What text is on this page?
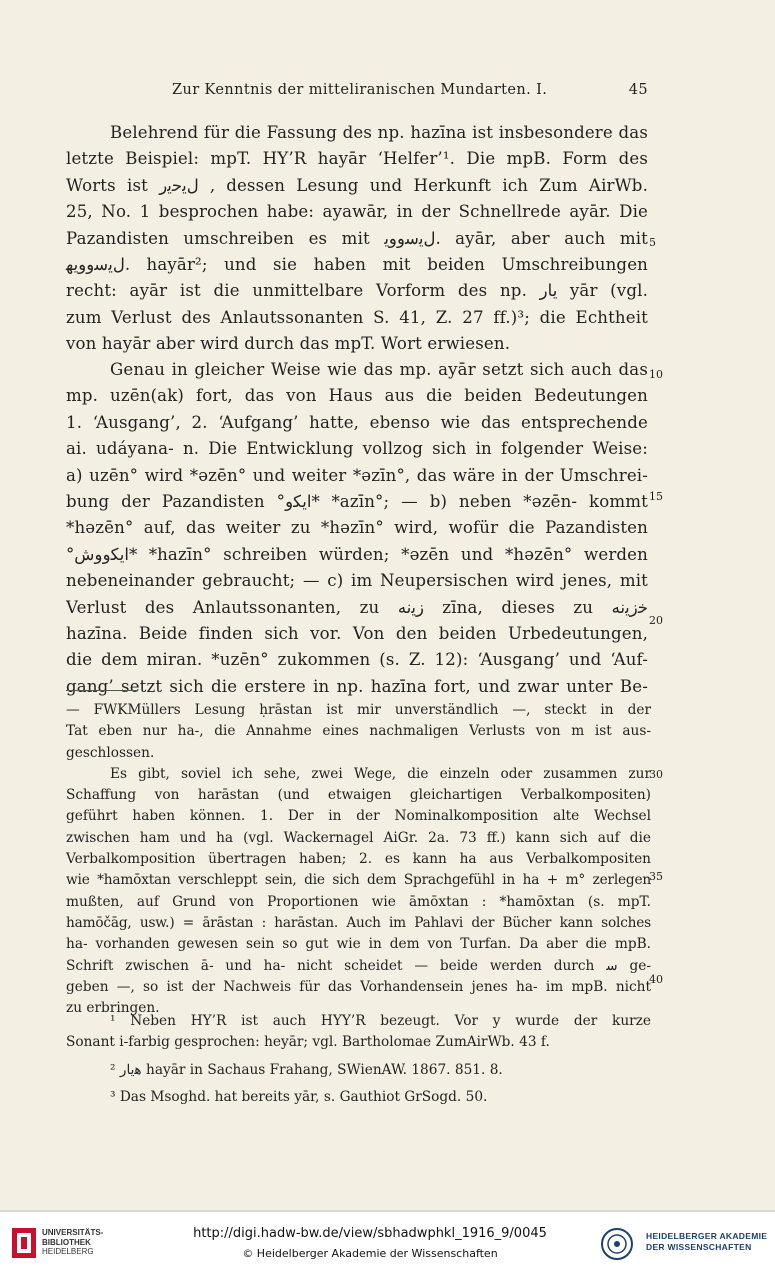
Zur Kenntnis der mitteliranischen Mundarten. I.	45
Belehrend für die Fassung des np. hazīna ist insbesondere das
letzte Beispiel: mpT. HY’R hayār ‘Helfer’¹. Die mpB. Form des
Worts ist ﻝﯾﺣﯾﺭ , dessen Lesung und Herkunft ich Zum AirWb.
25, No. 1 besprochen habe: ayawār, in der Schnellrede ayār. Die
Pazandisten umschreiben es mit ﻝﯾﺳﻭﻭﯾ. ayār, aber auch mit
ﻝﯾﺳﻭﻭﯾﻬ. hayār²; und sie haben mit beiden Umschreibungen
recht: ayār ist die unmittelbare Vorform des np. ﯾﺎﺭ yār (vgl.
zum Verlust des Anlautssonanten S. 41, Z. 27 ff.)³; die Echtheit
von hayār aber wird durch das mpT. Wort erwiesen.
Genau in gleicher Weise wie das mp. ayār setzt sich auch das
mp. uzēn(ak) fort, das von Haus aus die beiden Bedeutungen
1. ‘Ausgang’, 2. ‘Aufgang’ hatte, ebenso wie das entsprechende
ai. udáyana- n. Die Entwicklung vollzog sich in folgender Weise:
a) uzēn° wird *əzēn° und weiter *əzīn°, das wäre in der Umschrei-
bung der Pazandisten °ا‌ﻳﮑﻭ* *azīn°; — b) neben *əzēn- kommt
*həzēn° auf, das weiter zu *həzīn° wird, wofür die Pazandisten
°ا‌ﻳﮑﻭﻭﺵ* *hazīn° schreiben würden; *əzēn und *həzēn° werden
nebeneinander gebraucht; — c) im Neupersischen wird jenes, mit
Verlust des Anlautssonanten, zu ﺯﻳﻧﻪ zīna, dieses zu ﺧﺯﻳﻧﻪ
hazīna. Beide finden sich vor. Von den beiden Urbedeutungen,
die dem miran. *uzēn° zukommen (s. Z. 12): ‘Ausgang’ und ‘Auf-
gang’ setzt sich die erstere in np. hazīna fort, und zwar unter Be-
5
10
15
20
30
35
40
— FWKMüllers Lesung ḥrāstan ist mir unverständlich —, steckt in der
Tat eben nur ha-, die Annahme eines nachmaligen Verlusts von m ist aus-
geschlossen.
Es gibt, soviel ich sehe, zwei Wege, die einzeln oder zusammen zur
Schaffung von harāstan (und etwaigen gleichartigen Verbalkompositen)
geführt haben können. 1. Der in der Nominalkomposition alte Wechsel
zwischen ham und ha (vgl. Wackernagel AiGr. 2a. 73 ff.) kann sich auf die
Verbalkomposition übertragen haben; 2. es kann ha aus Verbalkompositen
wie *hamōxtan verschleppt sein, die sich dem Sprachgefühl in ha + m° zerlegen
mußten, auf Grund von Proportionen wie āmōxtan : *hamōxtan (s. mpT.
hamōčāg, usw.) = ārāstan : harāstan. Auch im Pahlavi der Bücher kann solches
ha- vorhanden gewesen sein so gut wie in dem von Turfan. Da aber die mpB.
Schrift zwischen ā- und ha- nicht scheidet — beide werden durch ﺳ ge-
geben —, so ist der Nachweis für das Vorhandensein jenes ha- im mpB. nicht
zu erbringen.
¹ Neben HY’R ist auch HYY’R bezeugt. Vor y wurde der kurze
Sonant i-farbig gesprochen: heyār; vgl. Bartholomae ZumAirWb. 43 f.
² ﻫﻳﺎﺭ hayār in Sachaus Frahang, SWienAW. 1867. 851. 8.
³ Das Msoghd. hat bereits yār, s. Gauthiot GrSogd. 50.
UNIVERSITÄTS-
BIBLIOTHEK
HEIDELBERG
http://digi.hadw-bw.de/view/sbhadwphkl_1916_9/0045
© Heidelberger Akademie der Wissenschaften
HEIDELBERGER AKADEMIE
DER WISSENSCHAFTEN
